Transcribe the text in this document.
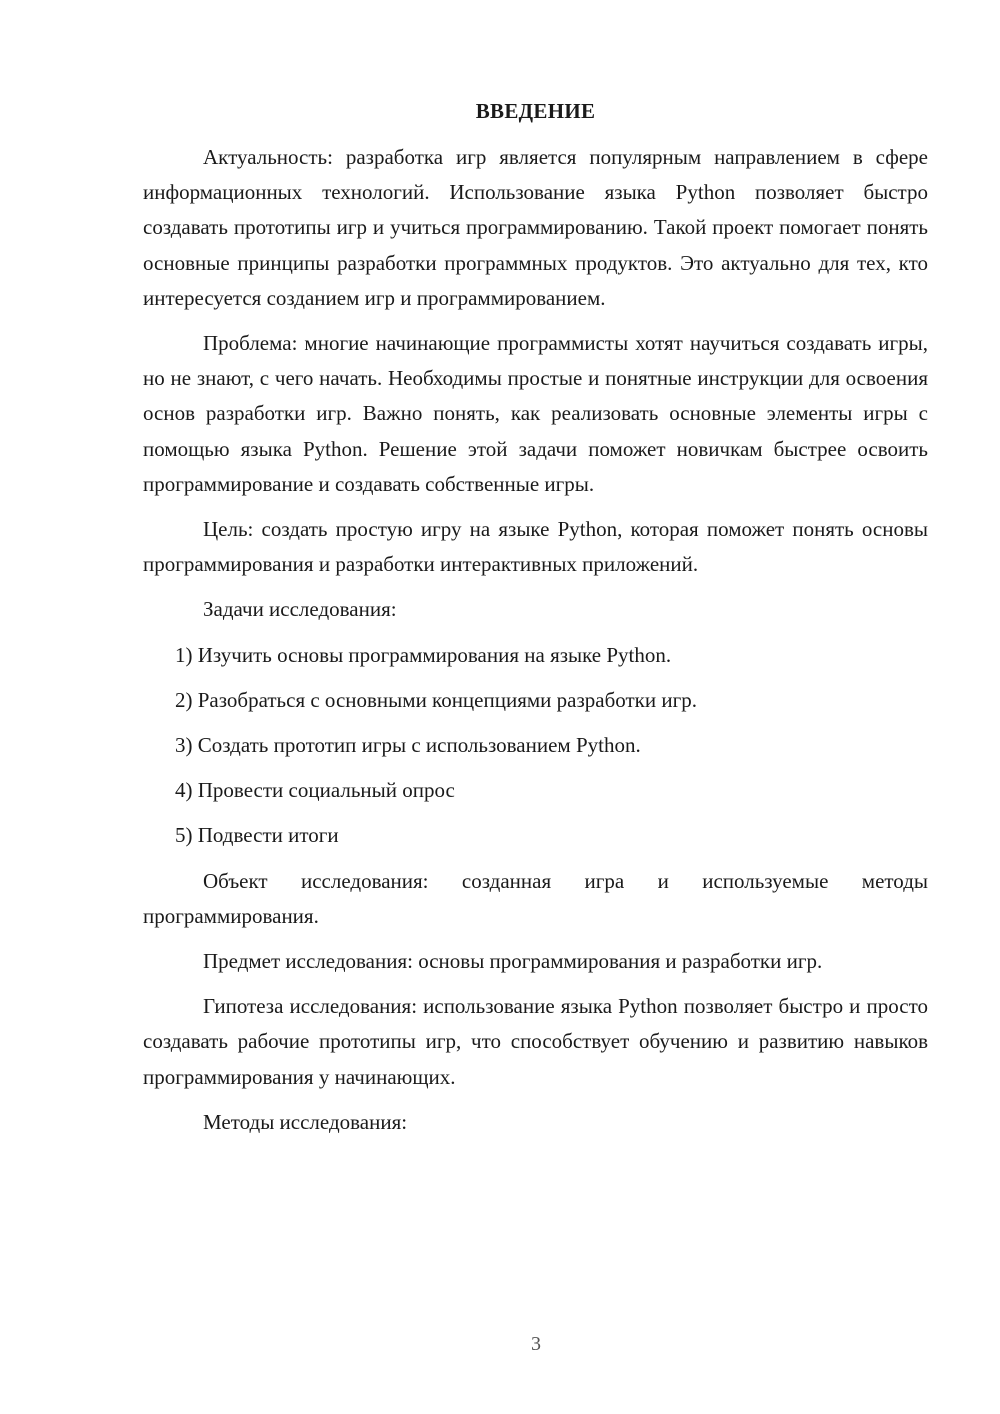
ВВЕДЕНИЕ

Актуальность: разработка игр является популярным направлением в сфере информационных технологий. Использование языка Python позволяет быстро создавать прототипы игр и учиться программированию. Такой проект помогает понять основные принципы разработки программных продуктов. Это актуально для тех, кто интересуется созданием игр и программированием.

Проблема: многие начинающие программисты хотят научиться создавать игры, но не знают, с чего начать. Необходимы простые и понятные инструкции для освоения основ разработки игр. Важно понять, как реализовать основные элементы игры с помощью языка Python. Решение этой задачи поможет новичкам быстрее освоить программирование и создавать собственные игры.

Цель: создать простую игру на языке Python, которая поможет понять основы программирования и разработки интерактивных приложений.

Задачи исследования:
1) Изучить основы программирования на языке Python.
2) Разобраться с основными концепциями разработки игр.
3) Создать прототип игры с использованием Python.
4) Провести социальный опрос
5) Подвести итоги

Объект исследования: созданная игра и используемые методы программирования.

Предмет исследования: основы программирования и разработки игр.

Гипотеза исследования: использование языка Python позволяет быстро и просто создавать рабочие прототипы игр, что способствует обучению и развитию навыков программирования у начинающих.

Методы исследования:
3
